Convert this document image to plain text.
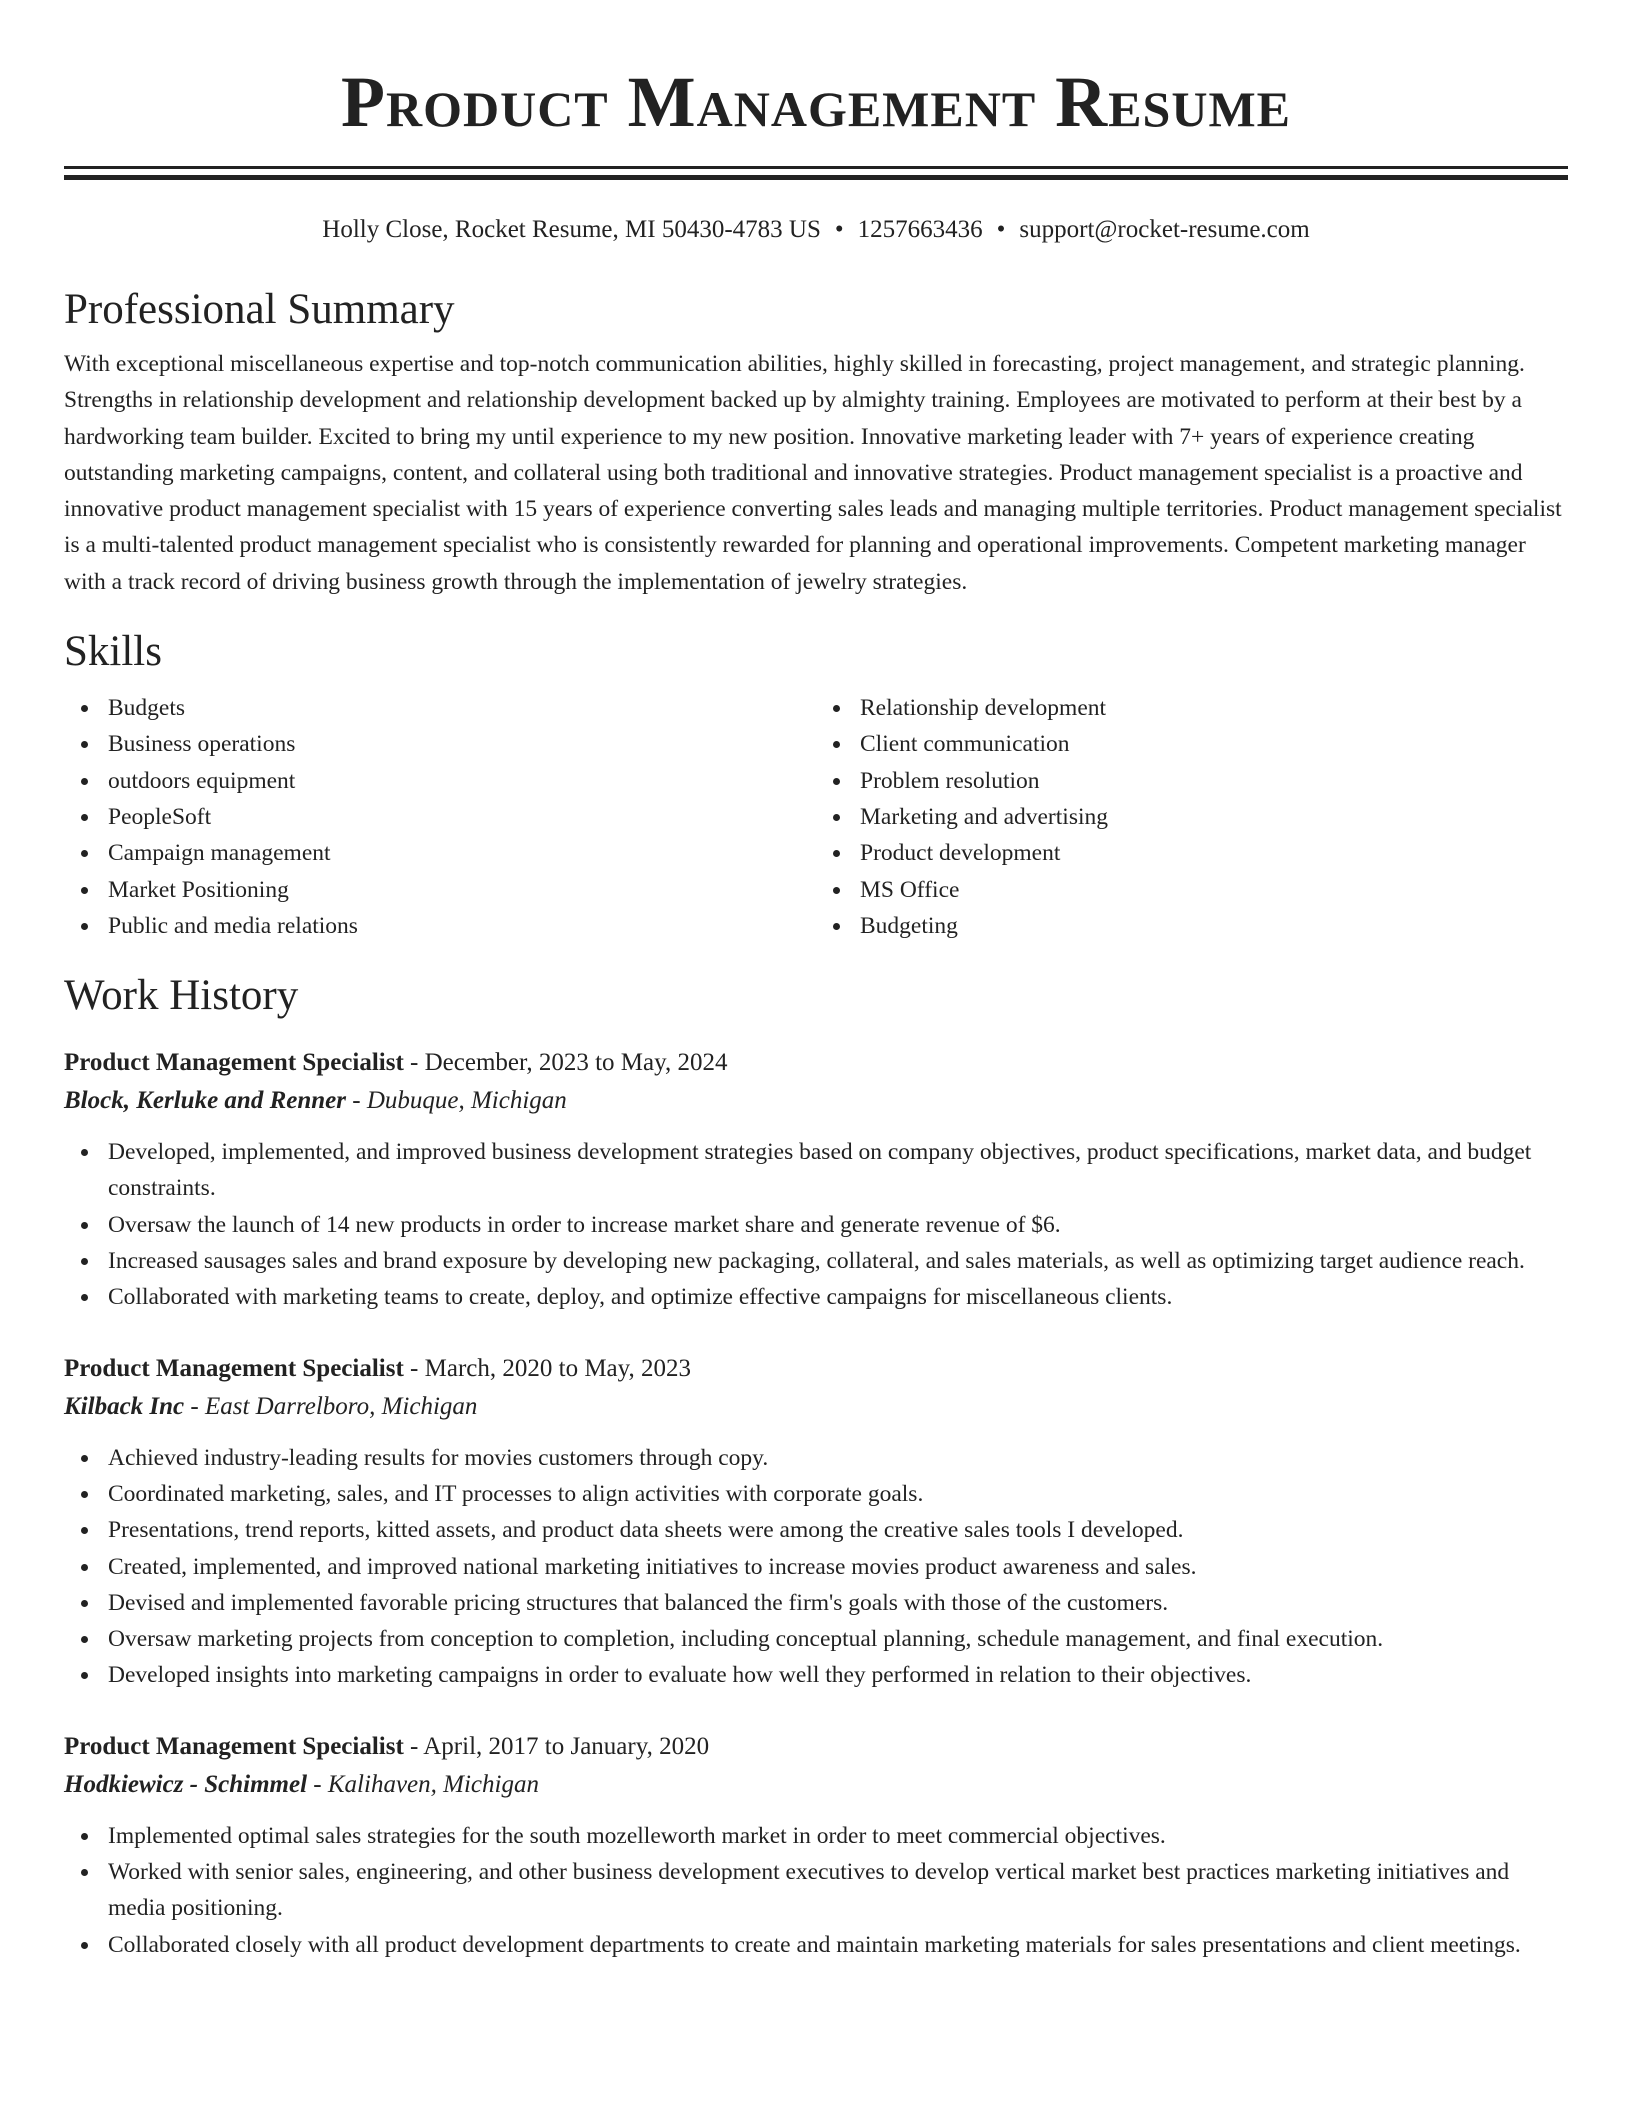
Product Management Resume
Holly Close, Rocket Resume, MI 50430-4783 US • 1257663436 • support@rocket-resume.com
Professional Summary

With exceptional miscellaneous expertise and top-notch communication abilities, highly skilled in forecasting, project management, and strategic planning. Strengths in relationship development and relationship development backed up by almighty training. Employees are motivated to perform at their best by a hardworking team builder. Excited to bring my until experience to my new position. Innovative marketing leader with 7+ years of experience creating outstanding marketing campaigns, content, and collateral using both traditional and innovative strategies. Product management specialist is a proactive and innovative product management specialist with 15 years of experience converting sales leads and managing multiple territories. Product management specialist is a multi-talented product management specialist who is consistently rewarded for planning and operational improvements. Competent marketing manager with a track record of driving business growth through the implementation of jewelry strategies.

Skills
Budgets
Business operations
outdoors equipment
PeopleSoft
Campaign management
Market Positioning
Public and media relations
Relationship development
Client communication
Problem resolution
Marketing and advertising
Product development
MS Office
Budgeting
Work History
Product Management Specialist - December, 2023 to May, 2024
Block, Kerluke and Renner - Dubuque, Michigan
Developed, implemented, and improved business development strategies based on company objectives, product specifications, market data, and budget constraints.
Oversaw the launch of 14 new products in order to increase market share and generate revenue of $6.
Increased sausages sales and brand exposure by developing new packaging, collateral, and sales materials, as well as optimizing target audience reach.
Collaborated with marketing teams to create, deploy, and optimize effective campaigns for miscellaneous clients.
Product Management Specialist - March, 2020 to May, 2023
Kilback Inc - East Darrelboro, Michigan
Achieved industry-leading results for movies customers through copy.
Coordinated marketing, sales, and IT processes to align activities with corporate goals.
Presentations, trend reports, kitted assets, and product data sheets were among the creative sales tools I developed.
Created, implemented, and improved national marketing initiatives to increase movies product awareness and sales.
Devised and implemented favorable pricing structures that balanced the firm's goals with those of the customers.
Oversaw marketing projects from conception to completion, including conceptual planning, schedule management, and final execution.
Developed insights into marketing campaigns in order to evaluate how well they performed in relation to their objectives.
Product Management Specialist - April, 2017 to January, 2020
Hodkiewicz - Schimmel - Kalihaven, Michigan
Implemented optimal sales strategies for the south mozelleworth market in order to meet commercial objectives.
Worked with senior sales, engineering, and other business development executives to develop vertical market best practices marketing initiatives and media positioning.
Collaborated closely with all product development departments to create and maintain marketing materials for sales presentations and client meetings.
